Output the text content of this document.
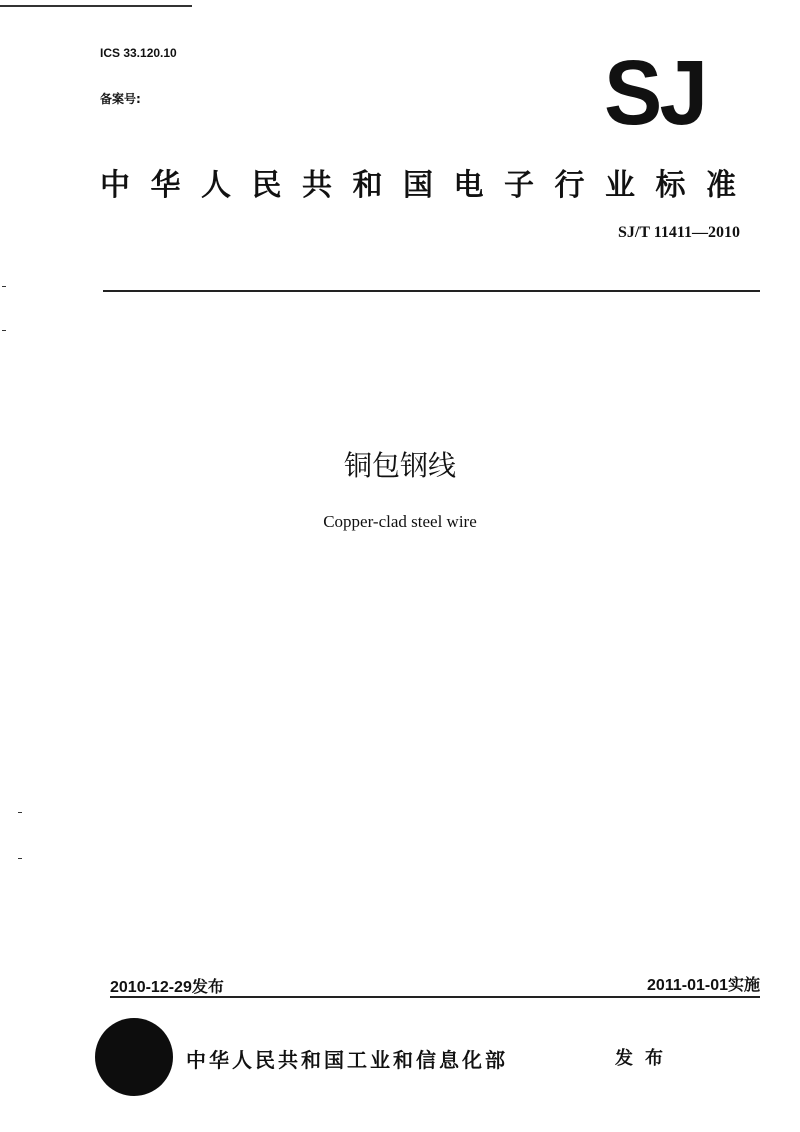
ICS 33.120.10
备案号:	SJ
中华人民共和国电子行业标准
SJ/T 11411—2010
铜包钢线
Copper-clad steel wire
2010-12-29发布	2011-01-01实施
中华人民共和国工业和信息化部	发布
